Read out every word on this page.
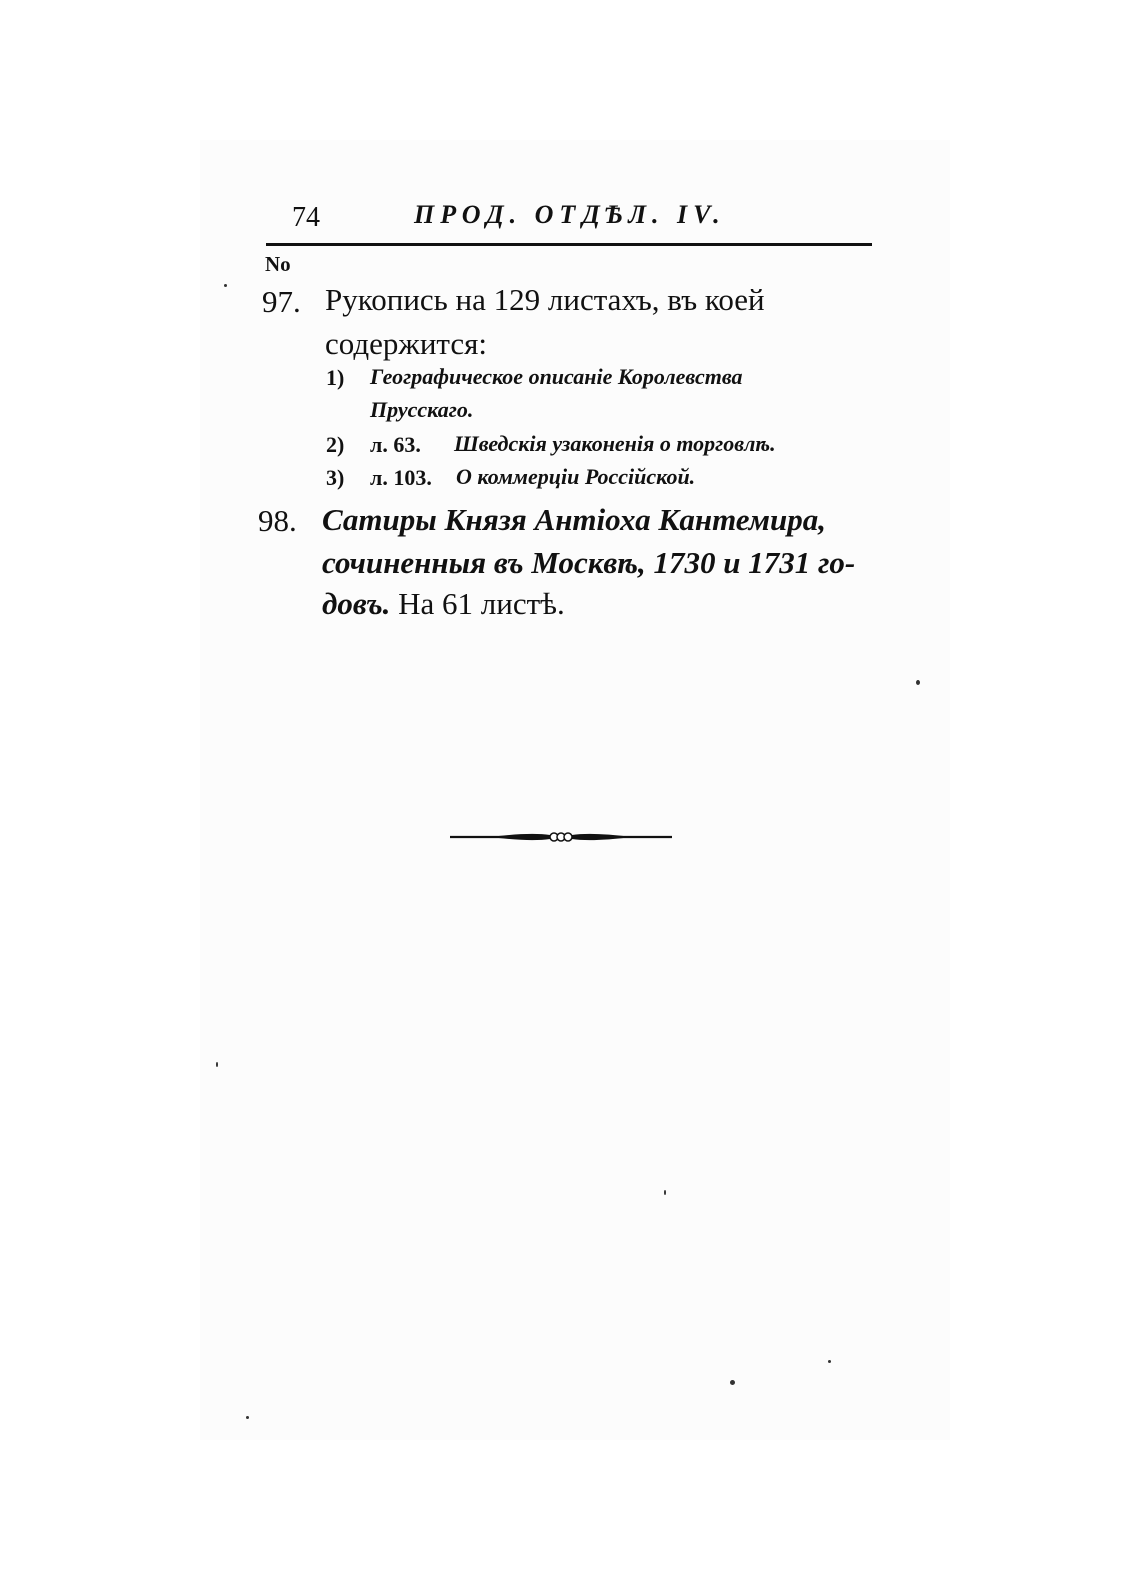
74	ПРОД. ОТДѢЛ. IV.
No
97. Рукопись на 129 листахъ, въ коей
содержится:
1) Географическое описаніе Королевства
Прусскаго.
2) л. 63. Шведскія узаконенія о торговлѣ.
3) л. 103. О коммерціи Россійской.
98. Сатиры Князя Антіоха Кантемира,
сочиненныя въ Москвѣ, 1730 и 1731 го-
довъ. На 61 листѣ.
